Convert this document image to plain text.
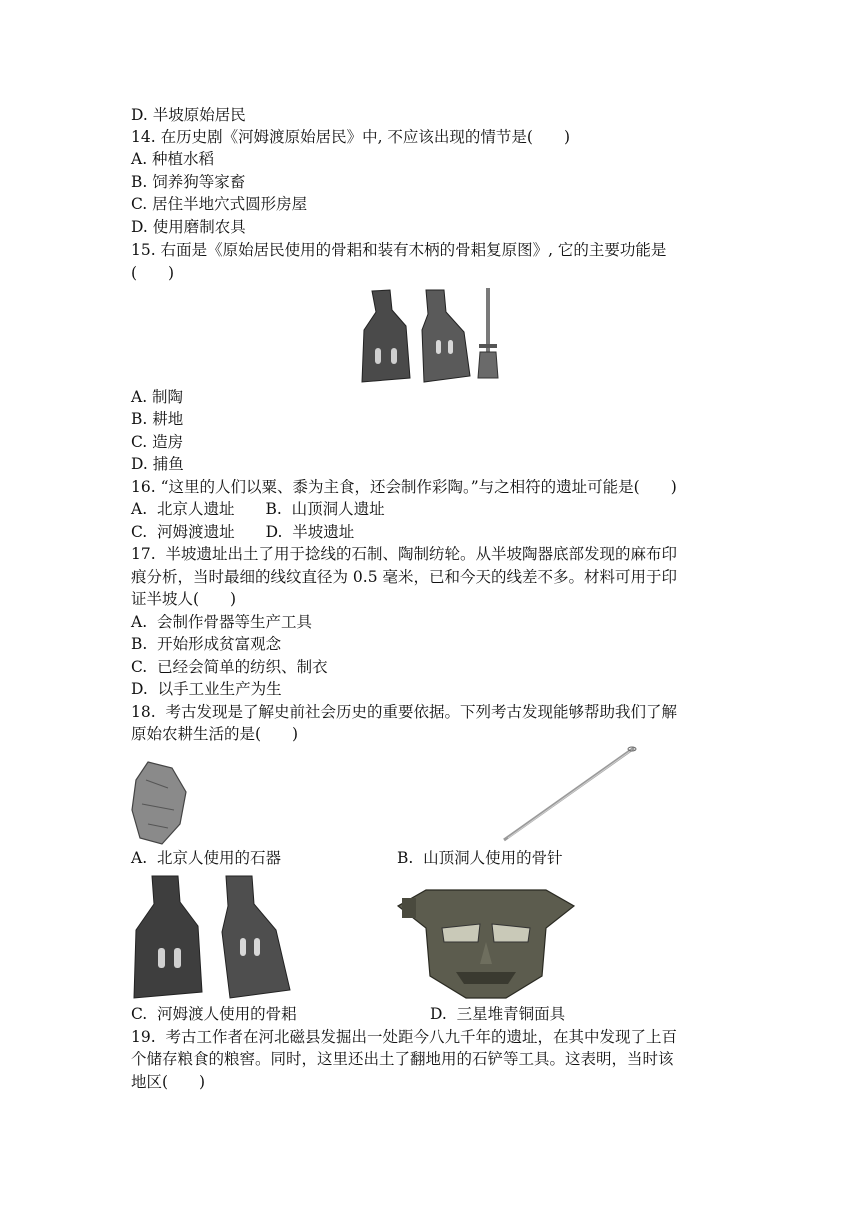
D. 半坡原始居民
14. 在历史剧《河姆渡原始居民》中, 不应该出现的情节是(　　)
A. 种植水稻
B. 饲养狗等家畜
C. 居住半地穴式圆形房屋
D. 使用磨制农具
15. 右面是《原始居民使用的骨耜和装有木柄的骨耜复原图》, 它的主要功能是
(　　)
A. 制陶
B. 耕地
C. 造房
D. 捕鱼
16. “这里的人们以粟、黍为主食，还会制作彩陶。”与之相符的遗址可能是(　　)
A.  北京人遗址　　B.  山顶洞人遗址
C.  河姆渡遗址　　D.  半坡遗址
17.  半坡遗址出土了用于捻线的石制、陶制纺轮。从半坡陶器底部发现的麻布印
痕分析，当时最细的线纹直径为 0.5 毫米，已和今天的线差不多。材料可用于印
证半坡人(　　)
A.  会制作骨器等生产工具
B.  开始形成贫富观念
C.  已经会简单的纺织、制衣
D.  以手工业生产为生
18.  考古发现是了解史前社会历史的重要依据。下列考古发现能够帮助我们了解
原始农耕生活的是(　　)
A.  北京人使用的石器	B.  山顶洞人使用的骨针
C.  河姆渡人使用的骨耜	D.  三星堆青铜面具
19.  考古工作者在河北磁县发掘出一处距今八九千年的遗址，在其中发现了上百
个储存粮食的粮窖。同时，这里还出土了翻地用的石铲等工具。这表明，当时该
地区(　　)
